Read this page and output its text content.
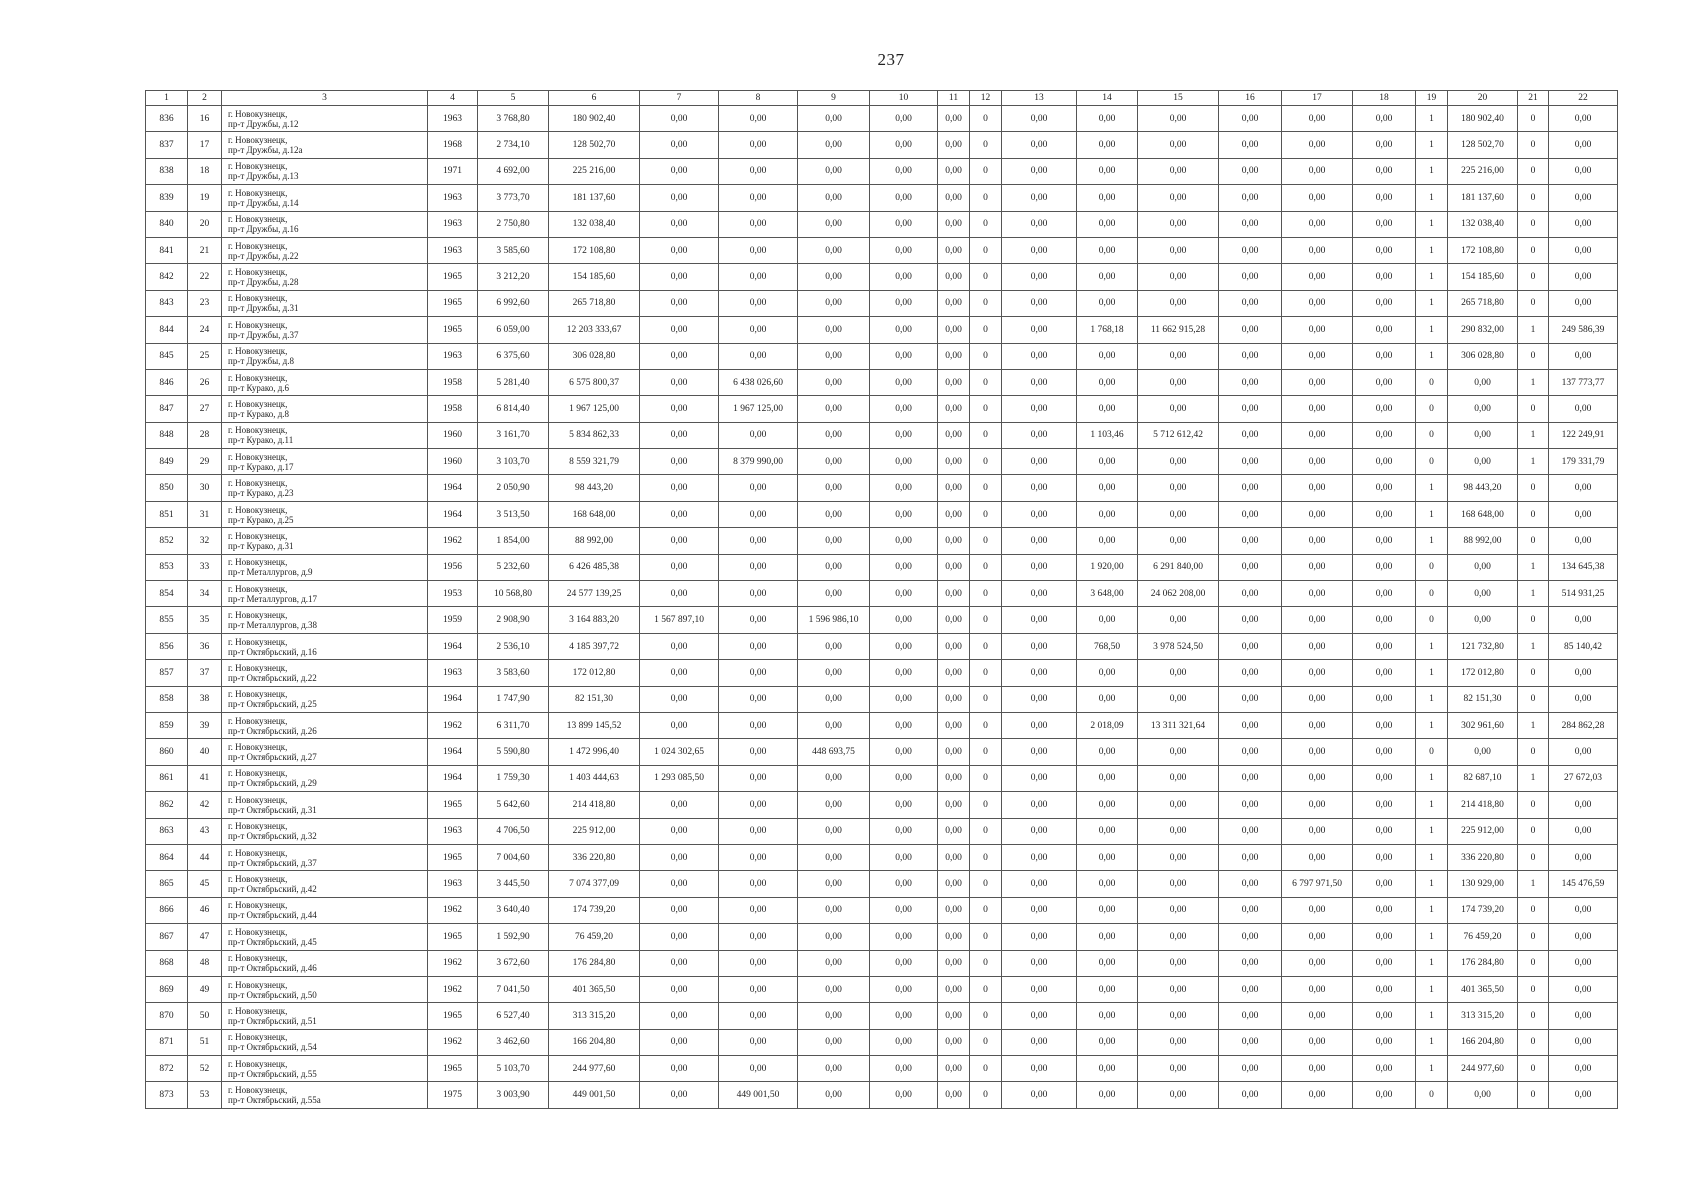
237
1	2	3	4	5	6	7	8	9	10	11	12	13	14	15	16	17	18	19	20	21	22
836	16	г. Новокузнецк,
пр-т Дружбы, д.12	1963	3 768,80	180 902,40	0,00	0,00	0,00	0,00	0,00	0	0,00	0,00	0,00	0,00	0,00	0,00	1	180 902,40	0	0,00
837	17	г. Новокузнецк,
пр-т Дружбы, д.12а	1968	2 734,10	128 502,70	0,00	0,00	0,00	0,00	0,00	0	0,00	0,00	0,00	0,00	0,00	0,00	1	128 502,70	0	0,00
838	18	г. Новокузнецк,
пр-т Дружбы, д.13	1971	4 692,00	225 216,00	0,00	0,00	0,00	0,00	0,00	0	0,00	0,00	0,00	0,00	0,00	0,00	1	225 216,00	0	0,00
839	19	г. Новокузнецк,
пр-т Дружбы, д.14	1963	3 773,70	181 137,60	0,00	0,00	0,00	0,00	0,00	0	0,00	0,00	0,00	0,00	0,00	0,00	1	181 137,60	0	0,00
840	20	г. Новокузнецк,
пр-т Дружбы, д.16	1963	2 750,80	132 038,40	0,00	0,00	0,00	0,00	0,00	0	0,00	0,00	0,00	0,00	0,00	0,00	1	132 038,40	0	0,00
841	21	г. Новокузнецк,
пр-т Дружбы, д.22	1963	3 585,60	172 108,80	0,00	0,00	0,00	0,00	0,00	0	0,00	0,00	0,00	0,00	0,00	0,00	1	172 108,80	0	0,00
842	22	г. Новокузнецк,
пр-т Дружбы, д.28	1965	3 212,20	154 185,60	0,00	0,00	0,00	0,00	0,00	0	0,00	0,00	0,00	0,00	0,00	0,00	1	154 185,60	0	0,00
843	23	г. Новокузнецк,
пр-т Дружбы, д.31	1965	6 992,60	265 718,80	0,00	0,00	0,00	0,00	0,00	0	0,00	0,00	0,00	0,00	0,00	0,00	1	265 718,80	0	0,00
844	24	г. Новокузнецк,
пр-т Дружбы, д.37	1965	6 059,00	12 203 333,67	0,00	0,00	0,00	0,00	0,00	0	0,00	1 768,18	11 662 915,28	0,00	0,00	0,00	1	290 832,00	1	249 586,39
845	25	г. Новокузнецк,
пр-т Дружбы, д.8	1963	6 375,60	306 028,80	0,00	0,00	0,00	0,00	0,00	0	0,00	0,00	0,00	0,00	0,00	0,00	1	306 028,80	0	0,00
846	26	г. Новокузнецк,
пр-т Курако, д.6	1958	5 281,40	6 575 800,37	0,00	6 438 026,60	0,00	0,00	0,00	0	0,00	0,00	0,00	0,00	0,00	0,00	0	0,00	1	137 773,77
847	27	г. Новокузнецк,
пр-т Курако, д.8	1958	6 814,40	1 967 125,00	0,00	1 967 125,00	0,00	0,00	0,00	0	0,00	0,00	0,00	0,00	0,00	0,00	0	0,00	0	0,00
848	28	г. Новокузнецк,
пр-т Курако, д.11	1960	3 161,70	5 834 862,33	0,00	0,00	0,00	0,00	0,00	0	0,00	1 103,46	5 712 612,42	0,00	0,00	0,00	0	0,00	1	122 249,91
849	29	г. Новокузнецк,
пр-т Курако, д.17	1960	3 103,70	8 559 321,79	0,00	8 379 990,00	0,00	0,00	0,00	0	0,00	0,00	0,00	0,00	0,00	0,00	0	0,00	1	179 331,79
850	30	г. Новокузнецк,
пр-т Курако, д.23	1964	2 050,90	98 443,20	0,00	0,00	0,00	0,00	0,00	0	0,00	0,00	0,00	0,00	0,00	0,00	1	98 443,20	0	0,00
851	31	г. Новокузнецк,
пр-т Курако, д.25	1964	3 513,50	168 648,00	0,00	0,00	0,00	0,00	0,00	0	0,00	0,00	0,00	0,00	0,00	0,00	1	168 648,00	0	0,00
852	32	г. Новокузнецк,
пр-т Курако, д.31	1962	1 854,00	88 992,00	0,00	0,00	0,00	0,00	0,00	0	0,00	0,00	0,00	0,00	0,00	0,00	1	88 992,00	0	0,00
853	33	г. Новокузнецк,
пр-т Металлургов, д.9	1956	5 232,60	6 426 485,38	0,00	0,00	0,00	0,00	0,00	0	0,00	1 920,00	6 291 840,00	0,00	0,00	0,00	0	0,00	1	134 645,38
854	34	г. Новокузнецк,
пр-т Металлургов, д.17	1953	10 568,80	24 577 139,25	0,00	0,00	0,00	0,00	0,00	0	0,00	3 648,00	24 062 208,00	0,00	0,00	0,00	0	0,00	1	514 931,25
855	35	г. Новокузнецк,
пр-т Металлургов, д.38	1959	2 908,90	3 164 883,20	1 567 897,10	0,00	1 596 986,10	0,00	0,00	0	0,00	0,00	0,00	0,00	0,00	0,00	0	0,00	0	0,00
856	36	г. Новокузнецк,
пр-т Октябрьский, д.16	1964	2 536,10	4 185 397,72	0,00	0,00	0,00	0,00	0,00	0	0,00	768,50	3 978 524,50	0,00	0,00	0,00	1	121 732,80	1	85 140,42
857	37	г. Новокузнецк,
пр-т Октябрьский, д.22	1963	3 583,60	172 012,80	0,00	0,00	0,00	0,00	0,00	0	0,00	0,00	0,00	0,00	0,00	0,00	1	172 012,80	0	0,00
858	38	г. Новокузнецк,
пр-т Октябрьский, д.25	1964	1 747,90	82 151,30	0,00	0,00	0,00	0,00	0,00	0	0,00	0,00	0,00	0,00	0,00	0,00	1	82 151,30	0	0,00
859	39	г. Новокузнецк,
пр-т Октябрьский, д.26	1962	6 311,70	13 899 145,52	0,00	0,00	0,00	0,00	0,00	0	0,00	2 018,09	13 311 321,64	0,00	0,00	0,00	1	302 961,60	1	284 862,28
860	40	г. Новокузнецк,
пр-т Октябрьский, д.27	1964	5 590,80	1 472 996,40	1 024 302,65	0,00	448 693,75	0,00	0,00	0	0,00	0,00	0,00	0,00	0,00	0,00	0	0,00	0	0,00
861	41	г. Новокузнецк,
пр-т Октябрьский, д.29	1964	1 759,30	1 403 444,63	1 293 085,50	0,00	0,00	0,00	0,00	0	0,00	0,00	0,00	0,00	0,00	0,00	1	82 687,10	1	27 672,03
862	42	г. Новокузнецк,
пр-т Октябрьский, д.31	1965	5 642,60	214 418,80	0,00	0,00	0,00	0,00	0,00	0	0,00	0,00	0,00	0,00	0,00	0,00	1	214 418,80	0	0,00
863	43	г. Новокузнецк,
пр-т Октябрьский, д.32	1963	4 706,50	225 912,00	0,00	0,00	0,00	0,00	0,00	0	0,00	0,00	0,00	0,00	0,00	0,00	1	225 912,00	0	0,00
864	44	г. Новокузнецк,
пр-т Октябрьский, д.37	1965	7 004,60	336 220,80	0,00	0,00	0,00	0,00	0,00	0	0,00	0,00	0,00	0,00	0,00	0,00	1	336 220,80	0	0,00
865	45	г. Новокузнецк,
пр-т Октябрьский, д.42	1963	3 445,50	7 074 377,09	0,00	0,00	0,00	0,00	0,00	0	0,00	0,00	0,00	0,00	6 797 971,50	0,00	1	130 929,00	1	145 476,59
866	46	г. Новокузнецк,
пр-т Октябрьский, д.44	1962	3 640,40	174 739,20	0,00	0,00	0,00	0,00	0,00	0	0,00	0,00	0,00	0,00	0,00	0,00	1	174 739,20	0	0,00
867	47	г. Новокузнецк,
пр-т Октябрьский, д.45	1965	1 592,90	76 459,20	0,00	0,00	0,00	0,00	0,00	0	0,00	0,00	0,00	0,00	0,00	0,00	1	76 459,20	0	0,00
868	48	г. Новокузнецк,
пр-т Октябрьский, д.46	1962	3 672,60	176 284,80	0,00	0,00	0,00	0,00	0,00	0	0,00	0,00	0,00	0,00	0,00	0,00	1	176 284,80	0	0,00
869	49	г. Новокузнецк,
пр-т Октябрьский, д.50	1962	7 041,50	401 365,50	0,00	0,00	0,00	0,00	0,00	0	0,00	0,00	0,00	0,00	0,00	0,00	1	401 365,50	0	0,00
870	50	г. Новокузнецк,
пр-т Октябрьский, д.51	1965	6 527,40	313 315,20	0,00	0,00	0,00	0,00	0,00	0	0,00	0,00	0,00	0,00	0,00	0,00	1	313 315,20	0	0,00
871	51	г. Новокузнецк,
пр-т Октябрьский, д.54	1962	3 462,60	166 204,80	0,00	0,00	0,00	0,00	0,00	0	0,00	0,00	0,00	0,00	0,00	0,00	1	166 204,80	0	0,00
872	52	г. Новокузнецк,
пр-т Октябрьский, д.55	1965	5 103,70	244 977,60	0,00	0,00	0,00	0,00	0,00	0	0,00	0,00	0,00	0,00	0,00	0,00	1	244 977,60	0	0,00
873	53	г. Новокузнецк,
пр-т Октябрьский, д.55а	1975	3 003,90	449 001,50	0,00	449 001,50	0,00	0,00	0,00	0	0,00	0,00	0,00	0,00	0,00	0,00	0	0,00	0	0,00
